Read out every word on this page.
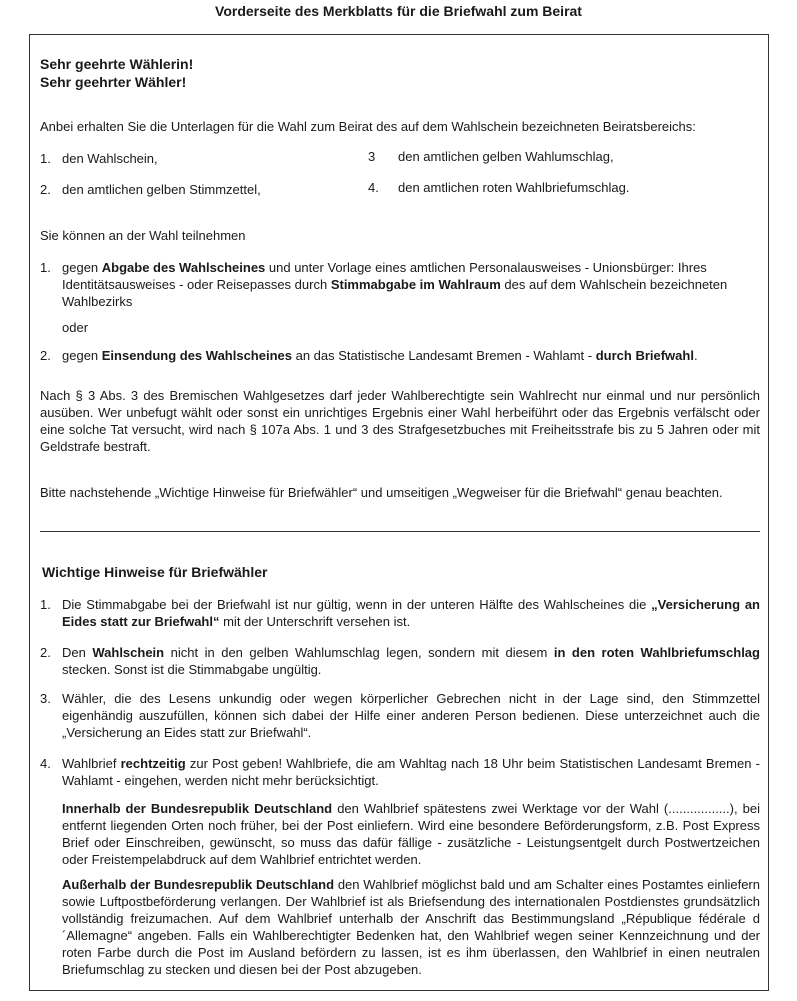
Vorderseite des Merkblatts für die Briefwahl zum Beirat
Sehr geehrte Wählerin!
Sehr geehrter Wähler!
Anbei erhalten Sie die Unterlagen für die Wahl zum Beirat des auf dem Wahlschein bezeichneten Beiratsbereichs:
1. den Wahlschein,
2. den amtlichen gelben Stimmzettel,
3 den amtlichen gelben Wahlumschlag,
4. den amtlichen roten Wahlbriefumschlag.
Sie können an der Wahl teilnehmen
1. gegen Abgabe des Wahlscheines und unter Vorlage eines amtlichen Personalausweises - Unionsbürger: Ihres Identitätsausweises - oder Reisepasses durch Stimmabgabe im Wahlraum des auf dem Wahlschein bezeichneten Wahlbezirks
oder
2. gegen Einsendung des Wahlscheines an das Statistische Landesamt Bremen - Wahlamt - durch Briefwahl.
Nach § 3 Abs. 3 des Bremischen Wahlgesetzes darf jeder Wahlberechtigte sein Wahlrecht nur einmal und nur persönlich ausüben. Wer unbefugt wählt oder sonst ein unrichtiges Ergebnis einer Wahl herbeiführt oder das Ergebnis verfälscht oder eine solche Tat versucht, wird nach § 107a Abs. 1 und 3 des Strafgesetzbuches mit Freiheitsstrafe bis zu 5 Jahren oder mit Geldstrafe bestraft.
Bitte nachstehende „Wichtige Hinweise für Briefwähler“ und umseitigen „Wegweiser für die Briefwahl“ genau beachten.
Wichtige Hinweise für Briefwähler
1. Die Stimmabgabe bei der Briefwahl ist nur gültig, wenn in der unteren Hälfte des Wahlscheines die „Versicherung an Eides statt zur Briefwahl“ mit der Unterschrift versehen ist.
2. Den Wahlschein nicht in den gelben Wahlumschlag legen, sondern mit diesem in den roten Wahlbriefumschlag stecken. Sonst ist die Stimmabgabe ungültig.
3. Wähler, die des Lesens unkundig oder wegen körperlicher Gebrechen nicht in der Lage sind, den Stimmzettel eigenhändig auszufüllen, können sich dabei der Hilfe einer anderen Person bedienen. Diese unterzeichnet auch die „Versicherung an Eides statt zur Briefwahl“.
4. Wahlbrief rechtzeitig zur Post geben! Wahlbriefe, die am Wahltag nach 18 Uhr beim Statistischen Landesamt Bremen - Wahlamt - eingehen, werden nicht mehr berücksichtigt.
Innerhalb der Bundesrepublik Deutschland den Wahlbrief spätestens zwei Werktage vor der Wahl (.................), bei entfernt liegenden Orten noch früher, bei der Post einliefern. Wird eine besondere Beförderungsform, z.B. Post Express Brief oder Einschreiben, gewünscht, so muss das dafür fällige - zusätzliche - Leistungsentgelt durch Postwertzeichen oder Freistempelabdruck auf dem Wahlbrief entrichtet werden.
Außerhalb der Bundesrepublik Deutschland den Wahlbrief möglichst bald und am Schalter eines Postamtes einliefern sowie Luftpostbeförderung verlangen. Der Wahlbrief ist als Briefsendung des internationalen Postdienstes grundsätzlich vollständig freizumachen. Auf dem Wahlbrief unterhalb der Anschrift das Bestimmungsland „République fédérale d´Allemagne“ angeben. Falls ein Wahlberechtigter Bedenken hat, den Wahlbrief wegen seiner Kennzeichnung und der roten Farbe durch die Post im Ausland befördern zu lassen, ist es ihm überlassen, den Wahlbrief in einen neutralen Briefumschlag zu stecken und diesen bei der Post abzugeben.
